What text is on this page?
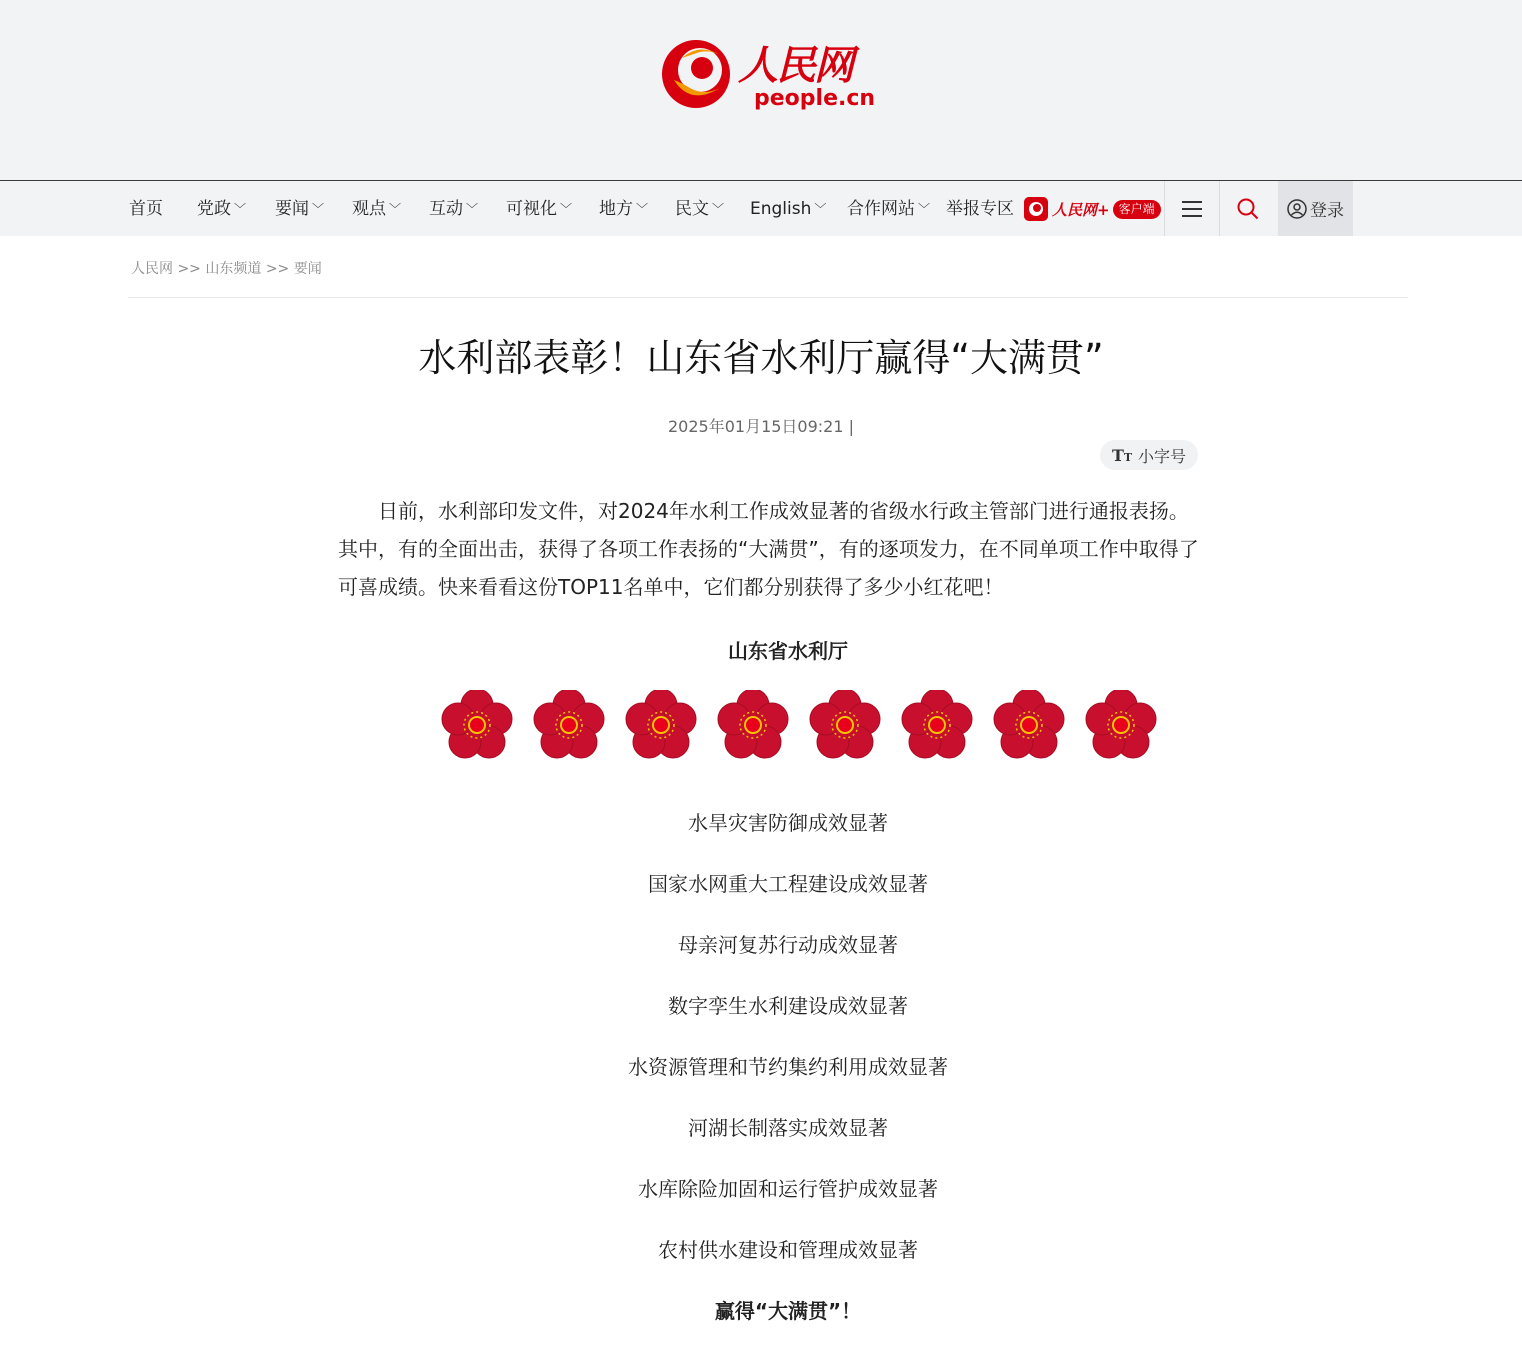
人民网
people.cn
首页 党政 ﹀ 要闻 ﹀ 观点 ﹀ 互动 ﹀ 可视化 ﹀ 地方 ﹀ 民文 ﹀ English ﹀ 合作网站 ﹀ 举报专区	人民网+ 客户端	登录
人民网 >> 山东频道 >> 要闻
水利部表彰！山东省水利厅赢得“大满贯”
2025年01月15日09:21 |
TT 小字号

日前，水利部印发文件，对2024年水利工作成效显著的省级水行政主管部门进行通报表扬。其中，有的全面出击，获得了各项工作表扬的“大满贯”，有的逐项发力，在不同单项工作中取得了可喜成绩。快来看看这份TOP11名单中，它们都分别获得了多少小红花吧！

山东省水利厅
水旱灾害防御成效显著
国家水网重大工程建设成效显著
母亲河复苏行动成效显著
数字孪生水利建设成效显著
水资源管理和节约集约利用成效显著
河湖长制落实成效显著
水库除险加固和运行管护成效显著
农村供水建设和管理成效显著
赢得“大满贯”！
